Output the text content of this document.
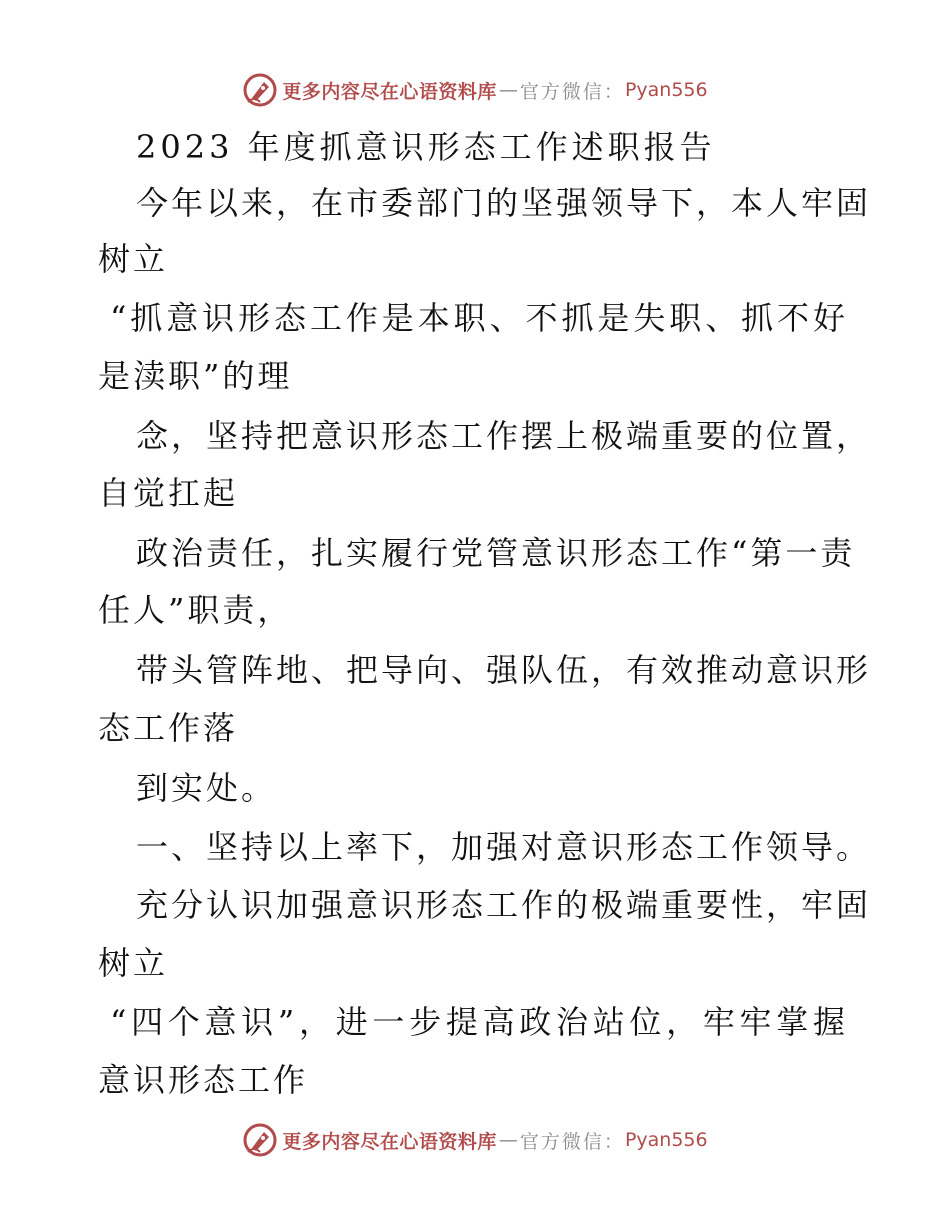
更多内容尽在心语资料库 — 官方微信： Pyan556
2023 年度抓意识形态工作述职报告
今年以来，在市委部门的坚强领导下，本人牢固
树立
“抓意识形态工作是本职、不抓是失职、抓不好
是渎职”的理
念，坚持把意识形态工作摆上极端重要的位置，
自觉扛起
政治责任，扎实履行党管意识形态工作“第一责
任人”职责，
带头管阵地、把导向、强队伍，有效推动意识形
态工作落
到实处。
一、坚持以上率下，加强对意识形态工作领导。
充分认识加强意识形态工作的极端重要性，牢固
树立
“四个意识”，进一步提高政治站位，牢牢掌握
意识形态工作
更多内容尽在心语资料库 — 官方微信： Pyan556
